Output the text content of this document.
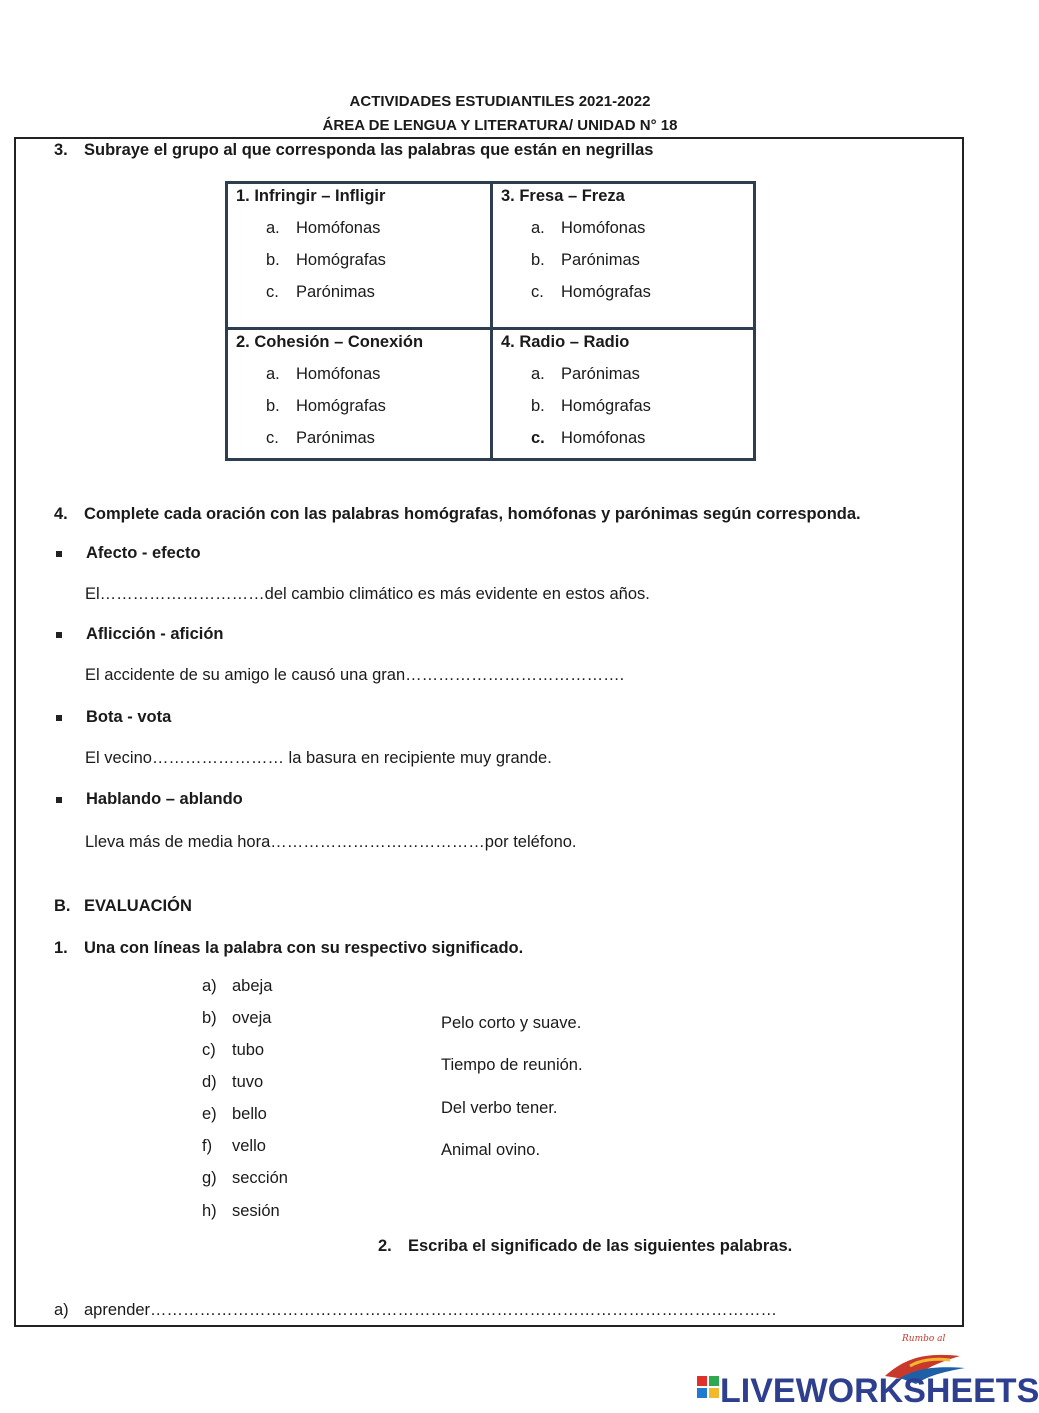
ACTIVIDADES ESTUDIANTILES 2021-2022
ÁREA DE LENGUA Y LITERATURA/ UNIDAD N° 18
3. Subraye el grupo al que corresponda las palabras que están en negrillas
1. Infringir – Infligir
a. Homófonas
b. Homógrafas
c. Parónimas
3. Fresa – Freza
a. Homófonas
b. Parónimas
c. Homógrafas
2. Cohesión – Conexión
a. Homófonas
b. Homógrafas
c. Parónimas
4. Radio – Radio
a. Parónimas
b. Homógrafas
c. Homófonas
4. Complete cada oración con las palabras homógrafas, homófonas y parónimas según corresponda.
Afecto - efecto
El…………………………del cambio climático es más evidente en estos años.
Aflicción - afición
El accidente de su amigo le causó una gran………………………………….
Bota - vota
El vecino…………………… la basura en recipiente muy grande.
Hablando – ablando
Lleva más de media hora…………………………………por teléfono.
B. EVALUACIÓN
1. Una con líneas la palabra con su respectivo significado.
a) abeja
b) oveja
c) tubo
d) tuvo
e) bello
f) vello
g) sección
h) sesión
Pelo corto y suave.
Tiempo de reunión.
Del verbo tener.
Animal ovino.
2. Escriba el significado de las siguientes palabras.
a) aprender……………………………………………………………………………………………………
Rumbo al
LIVEWORKSHEETS
